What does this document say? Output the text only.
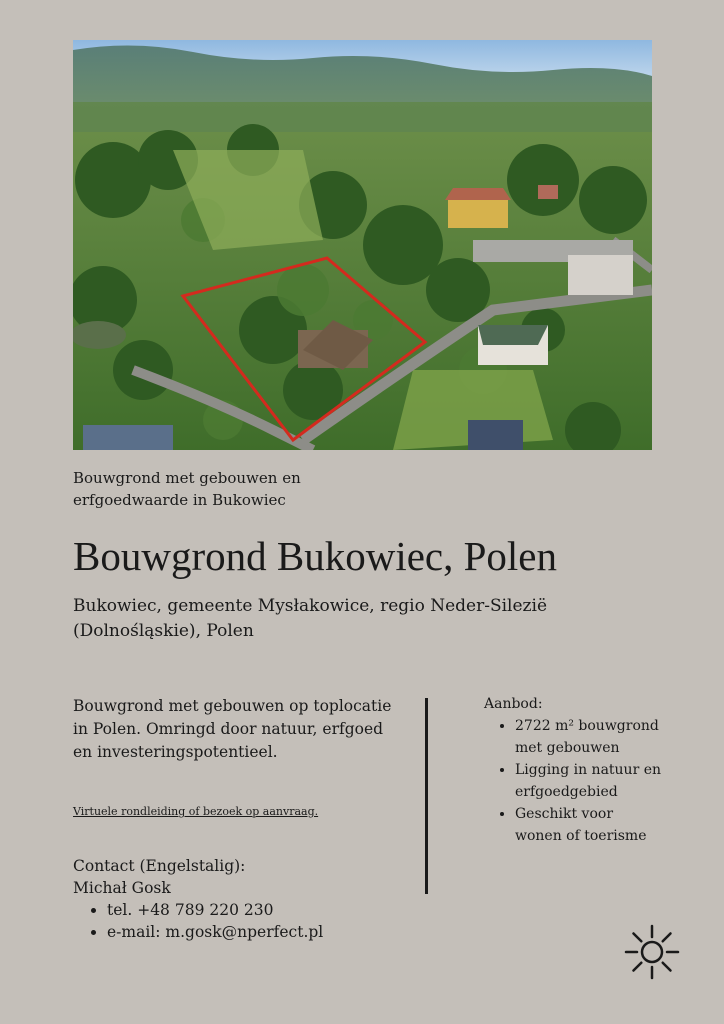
Bouwgrond met gebouwen en erfgoedwaarde in Bukowiec
Bouwgrond Bukowiec, Polen
Bukowiec, gemeente Mysłakowice, regio Neder-Silezië (Dolnośląskie), Polen
Bouwgrond met gebouwen op toplocatie in Polen. Omringd door natuur, erfgoed en investeringspotentieel.
Virtuele rondleiding of bezoek op aanvraag.
Contact (Engelstalig):
Michał Gosk
• tel. +48 789 220 230
• e-mail: m.gosk@nperfect.pl
Aanbod:
• 2722 m² bouwgrond met gebouwen
• Ligging in natuur en erfgoedgebied
• Geschikt voor wonen of toerisme
